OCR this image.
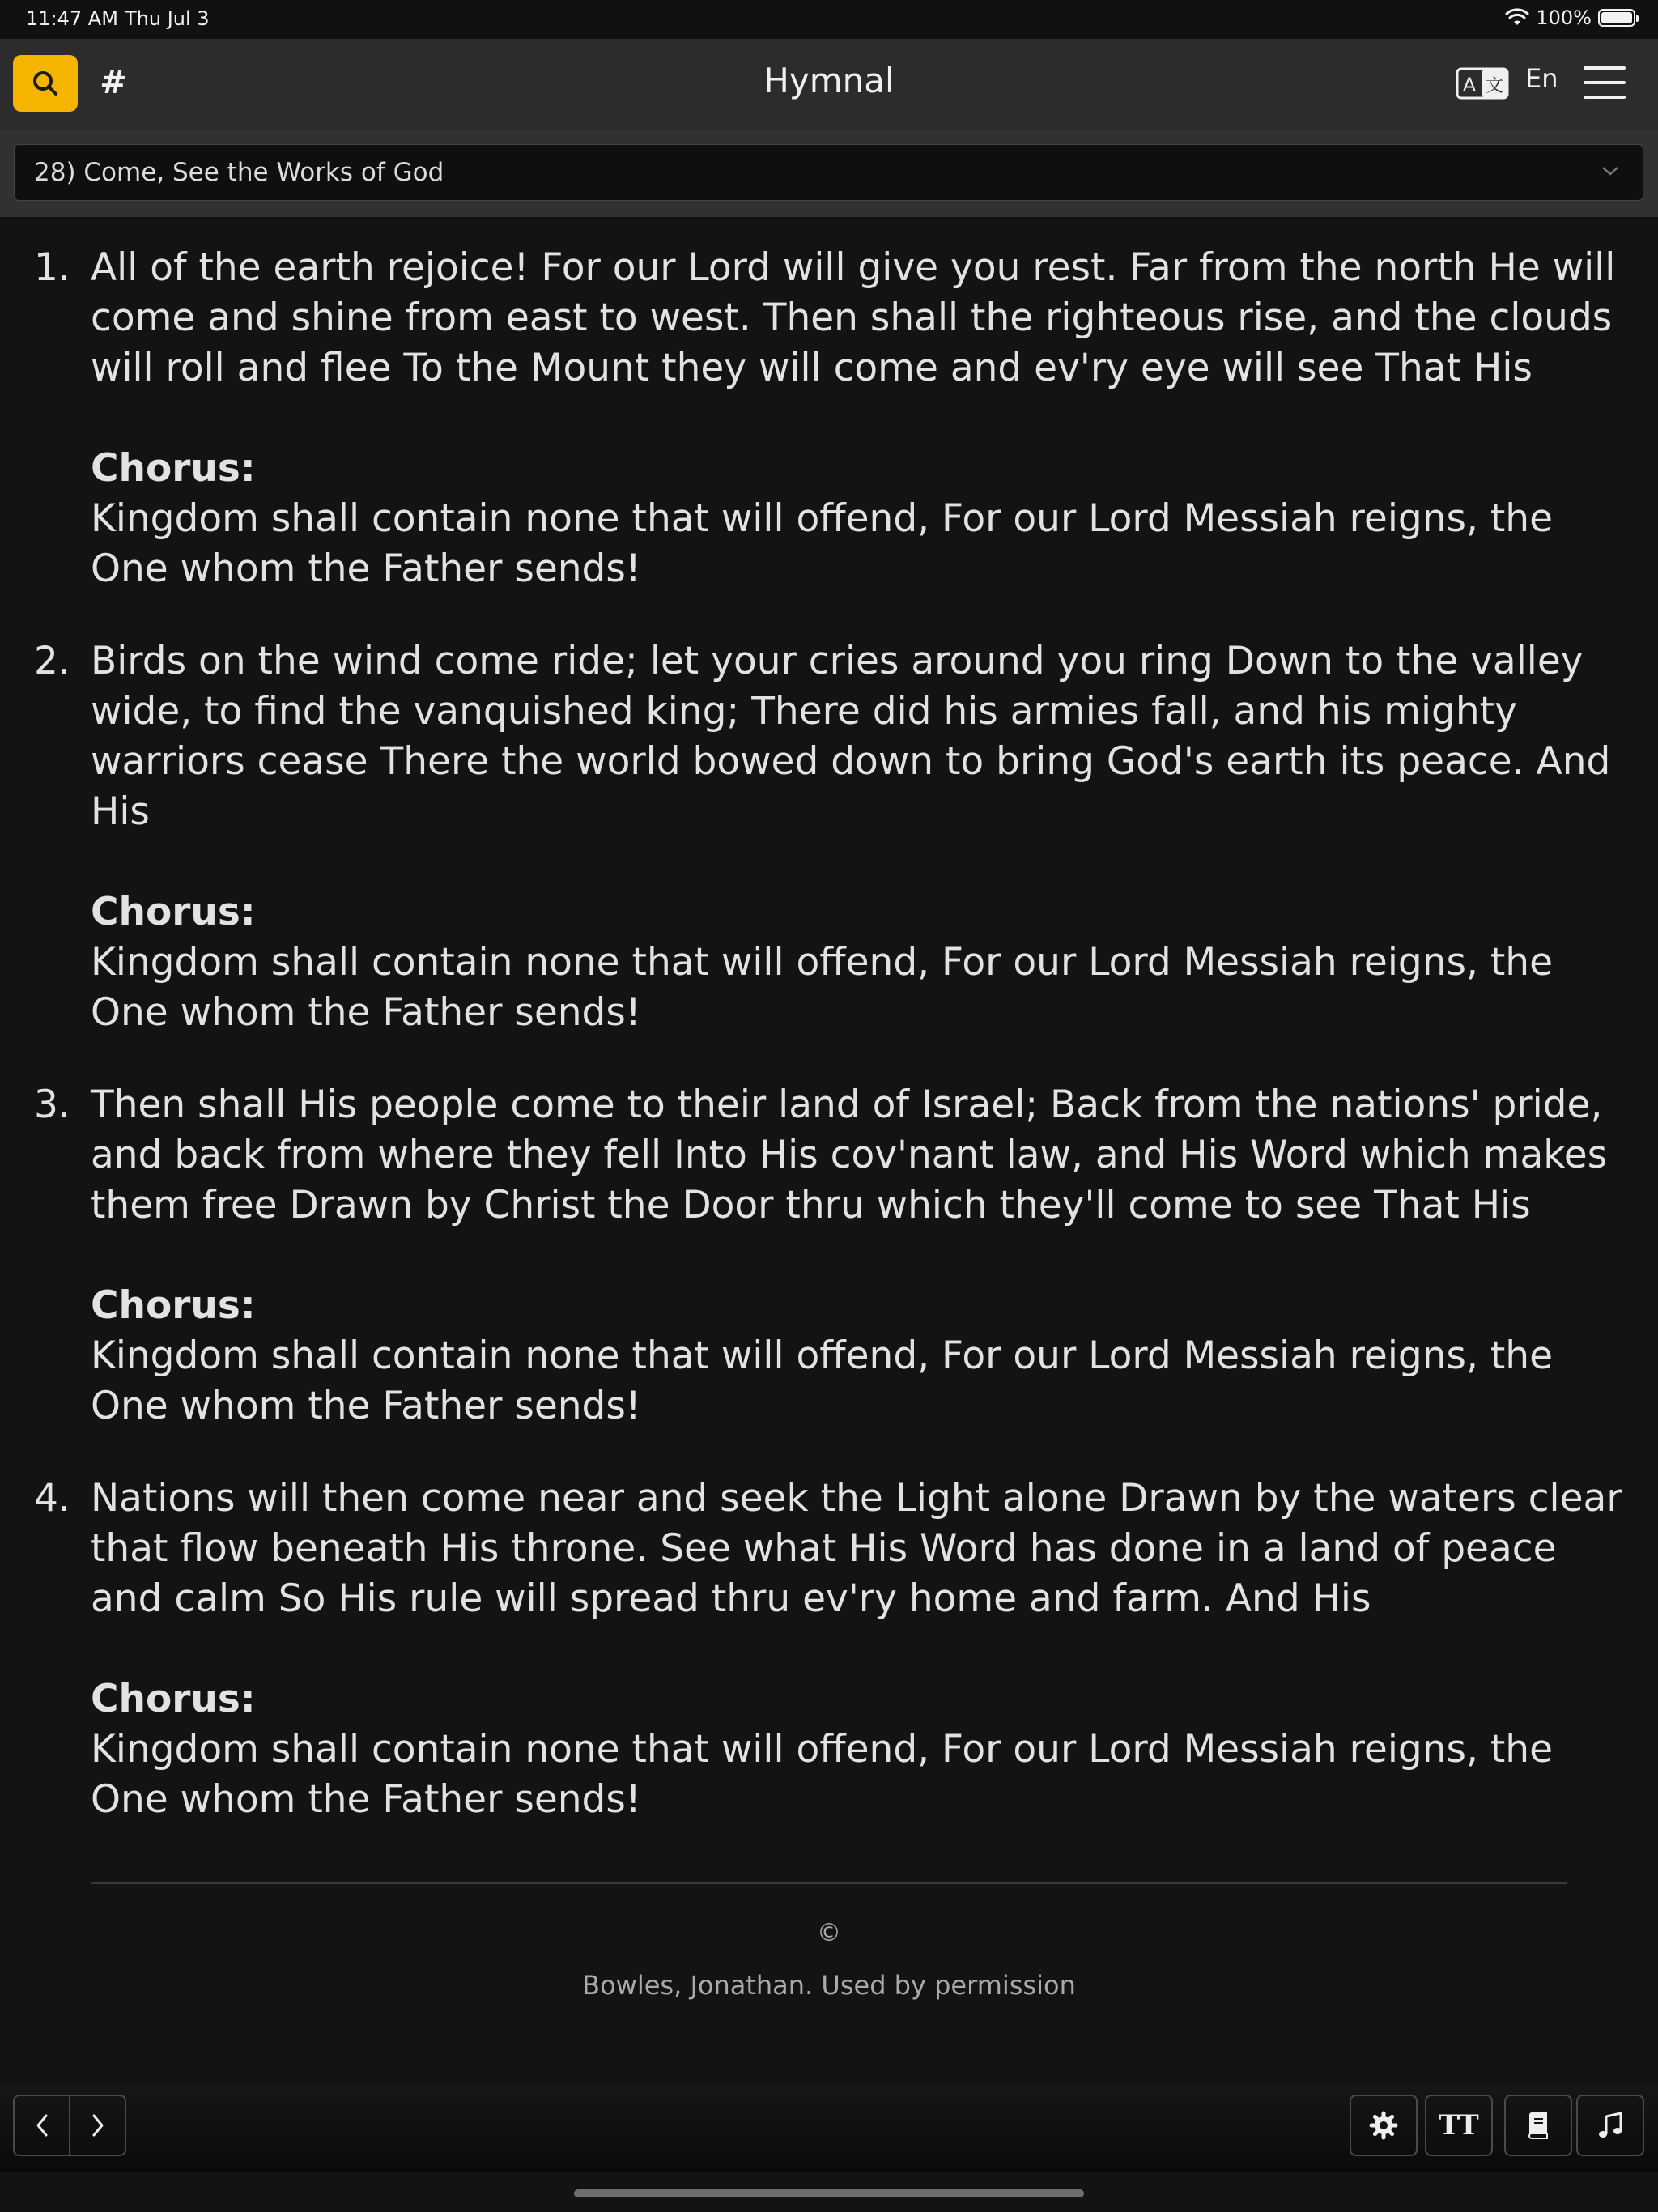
11:47 AM Thu Jul 3	100%
#	Hymnal	A 文 En
28) Come, See the Works of God
1. All of the earth rejoice! For our Lord will give you rest. Far from the north He will come and shine from east to west. Then shall the righteous rise, and the clouds will roll and flee To the Mount they will come and ev'ry eye will see That His
Chorus:
Kingdom shall contain none that will offend, For our Lord Messiah reigns, the One whom the Father sends!
2. Birds on the wind come ride; let your cries around you ring Down to the valley wide, to find the vanquished king; There did his armies fall, and his mighty warriors cease There the world bowed down to bring God's earth its peace. And His
Chorus:
Kingdom shall contain none that will offend, For our Lord Messiah reigns, the One whom the Father sends!
3. Then shall His people come to their land of Israel; Back from the nations' pride, and back from where they fell Into His cov'nant law, and His Word which makes them free Drawn by Christ the Door thru which they'll come to see That His
Chorus:
Kingdom shall contain none that will offend, For our Lord Messiah reigns, the One whom the Father sends!
4. Nations will then come near and seek the Light alone Drawn by the waters clear that flow beneath His throne. See what His Word has done in a land of peace and calm So His rule will spread thru ev'ry home and farm. And His
Chorus:
Kingdom shall contain none that will offend, For our Lord Messiah reigns, the One whom the Father sends!
©
Bowles, Jonathan. Used by permission
TT
